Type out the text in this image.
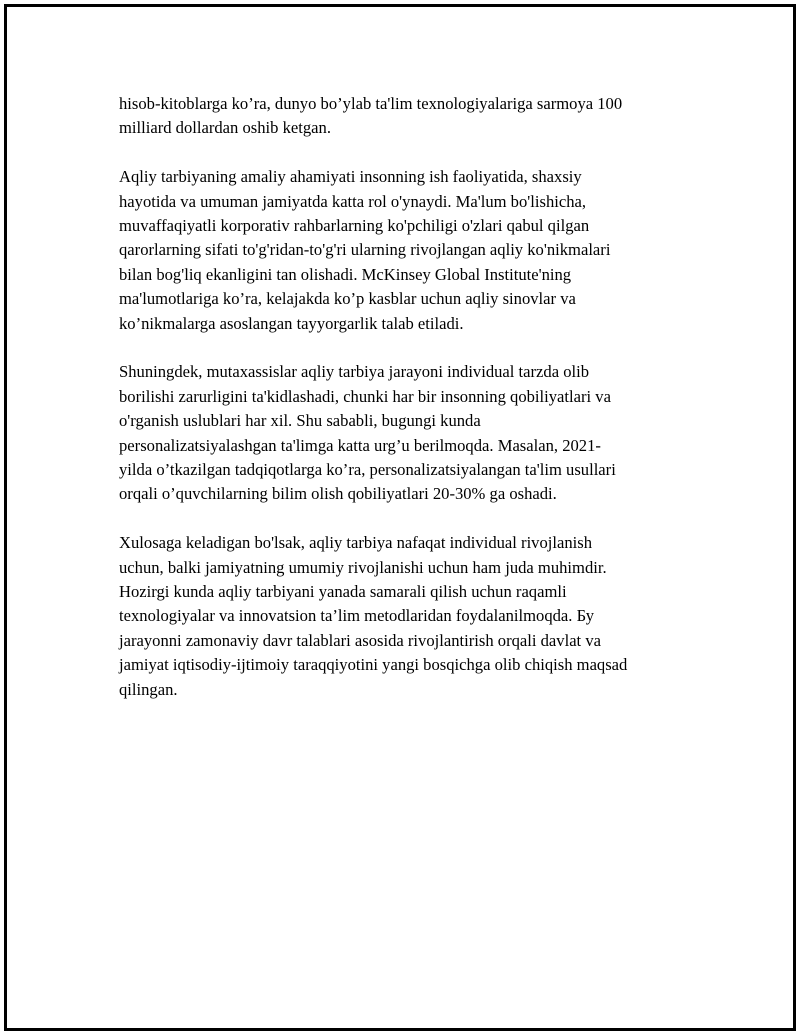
hisob-kitoblarga ko’ra, dunyo bo’ylab ta'lim texnologiyalariga sarmoya 100
milliard dollardan oshib ketgan.

Aqliy tarbiyaning amaliy ahamiyati insonning ish faoliyatida, shaxsiy
hayotida va umuman jamiyatda katta rol o'ynaydi. Ma'lum bo'lishicha,
muvaffaqiyatli korporativ rahbarlarning ko'pchiligi o'zlari qabul qilgan
qarorlarning sifati to'g'ridan-to'g'ri ularning rivojlangan aqliy ko'nikmalari
bilan bog'liq ekanligini tan olishadi. McKinsey Global Institute'ning
ma'lumotlariga ko’ra, kelajakda ko’p kasblar uchun aqliy sinovlar va
ko’nikmalarga asoslangan tayyorgarlik talab etiladi.

Shuningdek, mutaxassislar aqliy tarbiya jarayoni individual tarzda olib
borilishi zarurligini ta'kidlashadi, chunki har bir insonning qobiliyatlari va
o'rganish uslublari har xil. Shu sababli, bugungi kunda
personalizatsiyalashgan ta'limga katta urg’u berilmoqda. Masalan, 2021-
yilda o’tkazilgan tadqiqotlarga ko’ra, personalizatsiyalangan ta'lim usullari
orqali o’quvchilarning bilim olish qobiliyatlari 20-30% ga oshadi.

Xulosaga keladigan bo'lsak, aqliy tarbiya nafaqat individual rivojlanish
uchun, balki jamiyatning umumiy rivojlanishi uchun ham juda muhimdir.
Hozirgi kunda aqliy tarbiyani yanada samarali qilish uchun raqamli
texnologiyalar va innovatsion ta’lim metodlaridan foydalanilmoqda. Бу
jarayonni zamonaviy davr talablari asosida rivojlantirish orqali davlat va
jamiyat iqtisodiy-ijtimoiy taraqqiyotini yangi bosqichga olib chiqish maqsad
qilingan.
